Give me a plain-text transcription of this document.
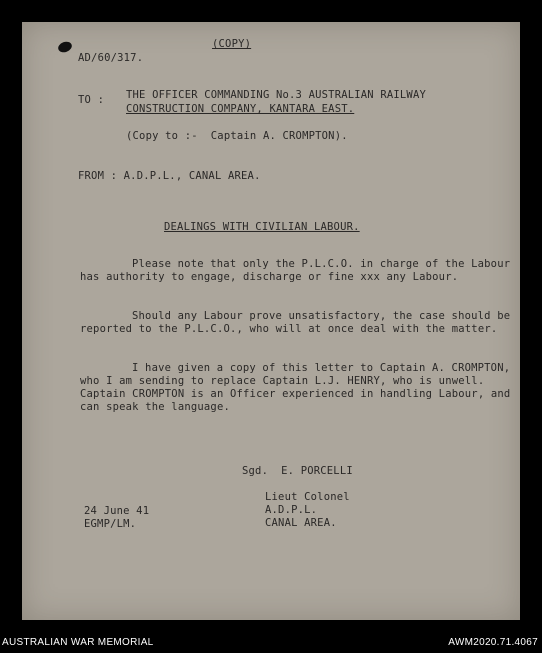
(COPY)
AD/60/317.
TO : THE OFFICER COMMANDING No.3 AUSTRALIAN RAILWAY
CONSTRUCTION COMPANY, KANTARA EAST.
(Copy to :-  Captain A. CROMPTON).
FROM : A.D.P.L., CANAL AREA.
DEALINGS WITH CIVILIAN LABOUR.
Please note that only the P.L.C.O. in charge of the Labour has authority to engage, discharge or fine xxx any Labour.
Should any Labour prove unsatisfactory, the case should be reported to the P.L.C.O., who will at once deal with the matter.
I have given a copy of this letter to Captain A. CROMPTON, who I am sending to replace Captain L.J. HENRY, who is unwell. Captain CROMPTON is an Officer experienced in handling Labour, and can speak the language.
Sgd.  E. PORCELLI
Lieut Colonel
A.D.P.L.
CANAL AREA.
24 June 41
EGMP/LM.
AUSTRALIAN WAR MEMORIAL	AWM2020.71.4067
